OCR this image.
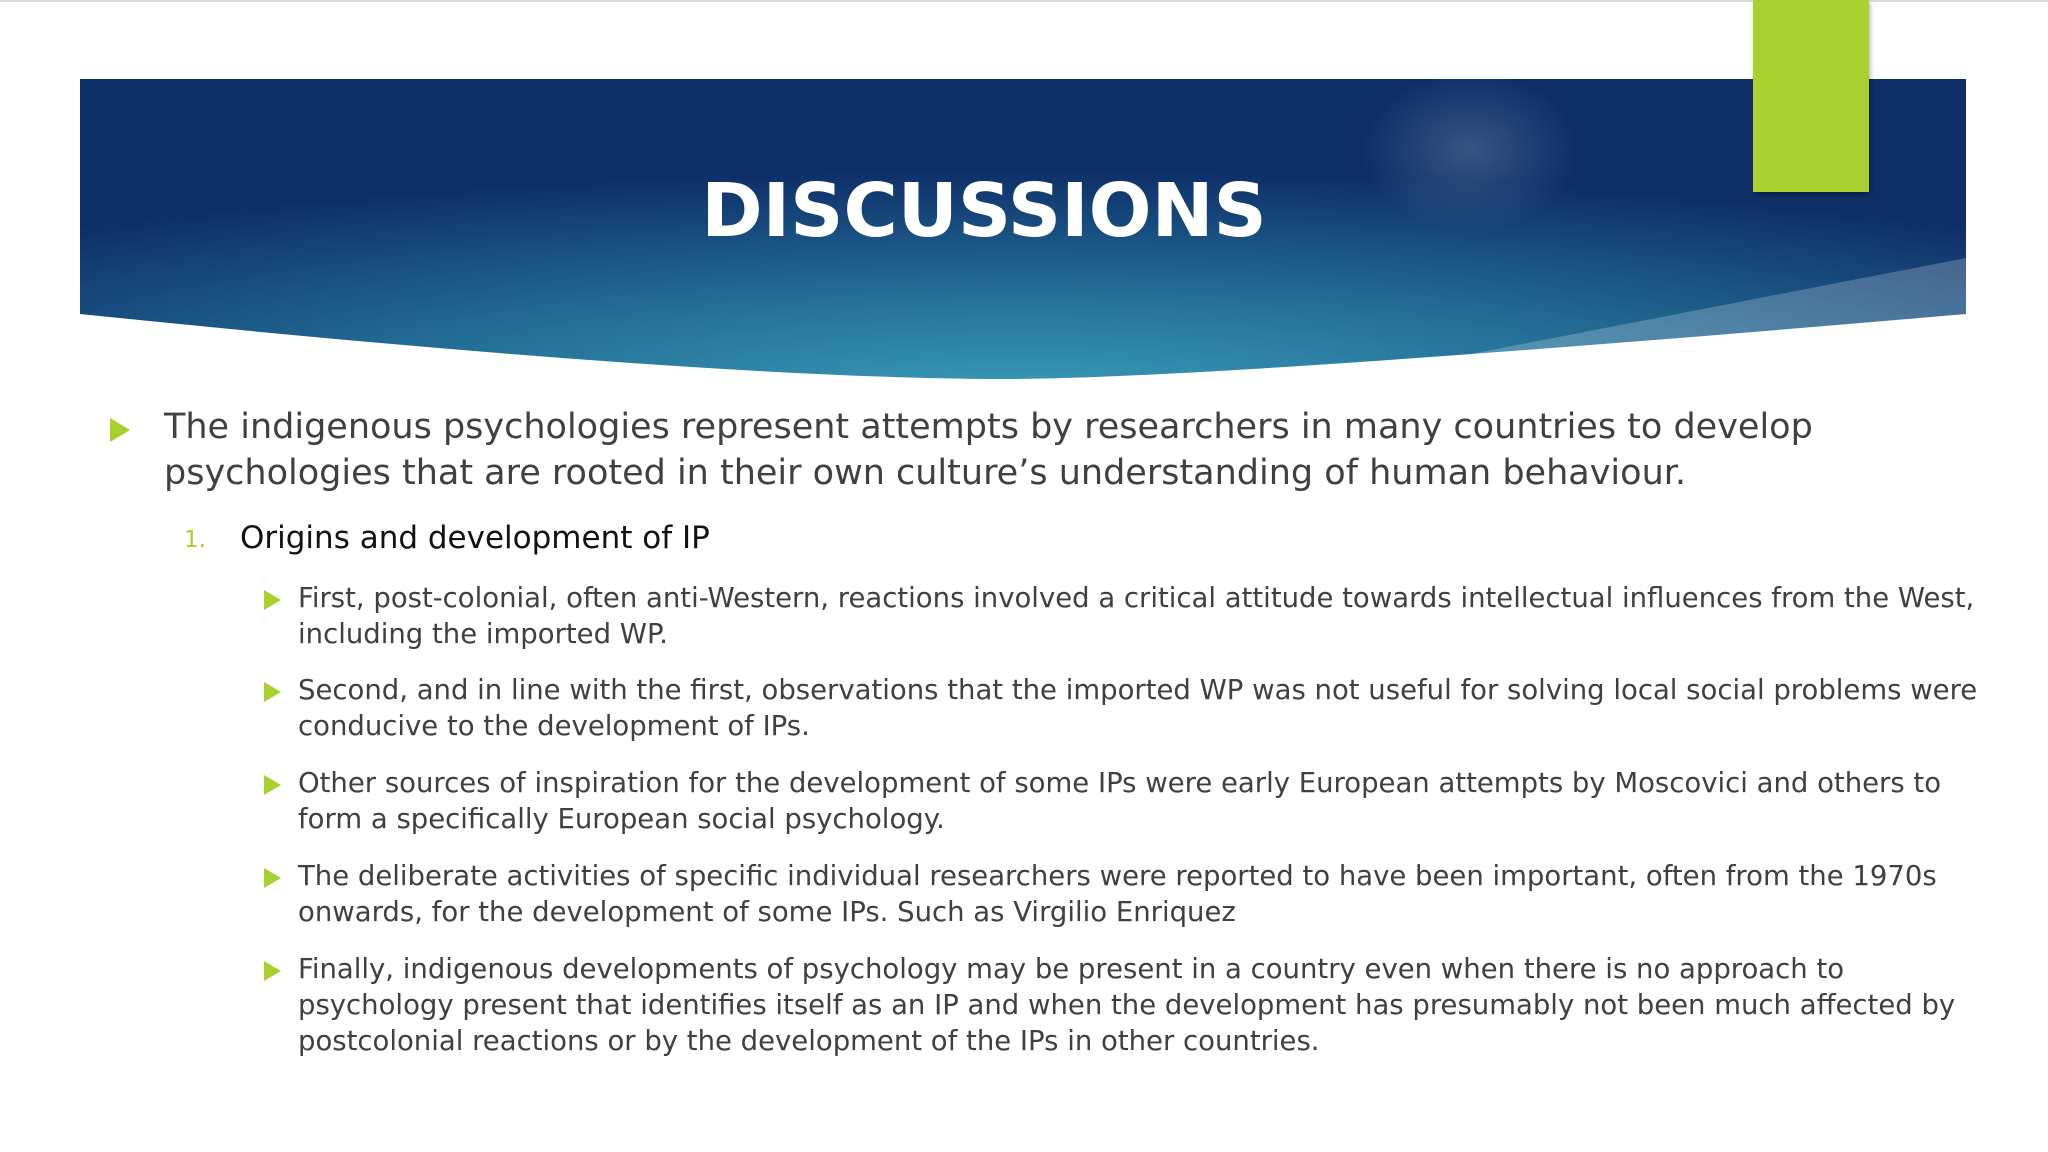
DISCUSSIONS
The indigenous psychologies represent attempts by researchers in many countries to develop psychologies that are rooted in their own culture’s understanding of human behaviour.
1. Origins and development of IP
First, post-colonial, often anti-Western, reactions involved a critical attitude towards intellectual influences from the West, including the imported WP.
Second, and in line with the first, observations that the imported WP was not useful for solving local social problems were conducive to the development of IPs.
Other sources of inspiration for the development of some IPs were early European attempts by Moscovici and others to form a specifically European social psychology.
The deliberate activities of specific individual researchers were reported to have been important, often from the 1970s onwards, for the development of some IPs. Such as Virgilio Enriquez
Finally, indigenous developments of psychology may be present in a country even when there is no approach to psychology present that identifies itself as an IP and when the development has presumably not been much affected by postcolonial reactions or by the development of the IPs in other countries.
